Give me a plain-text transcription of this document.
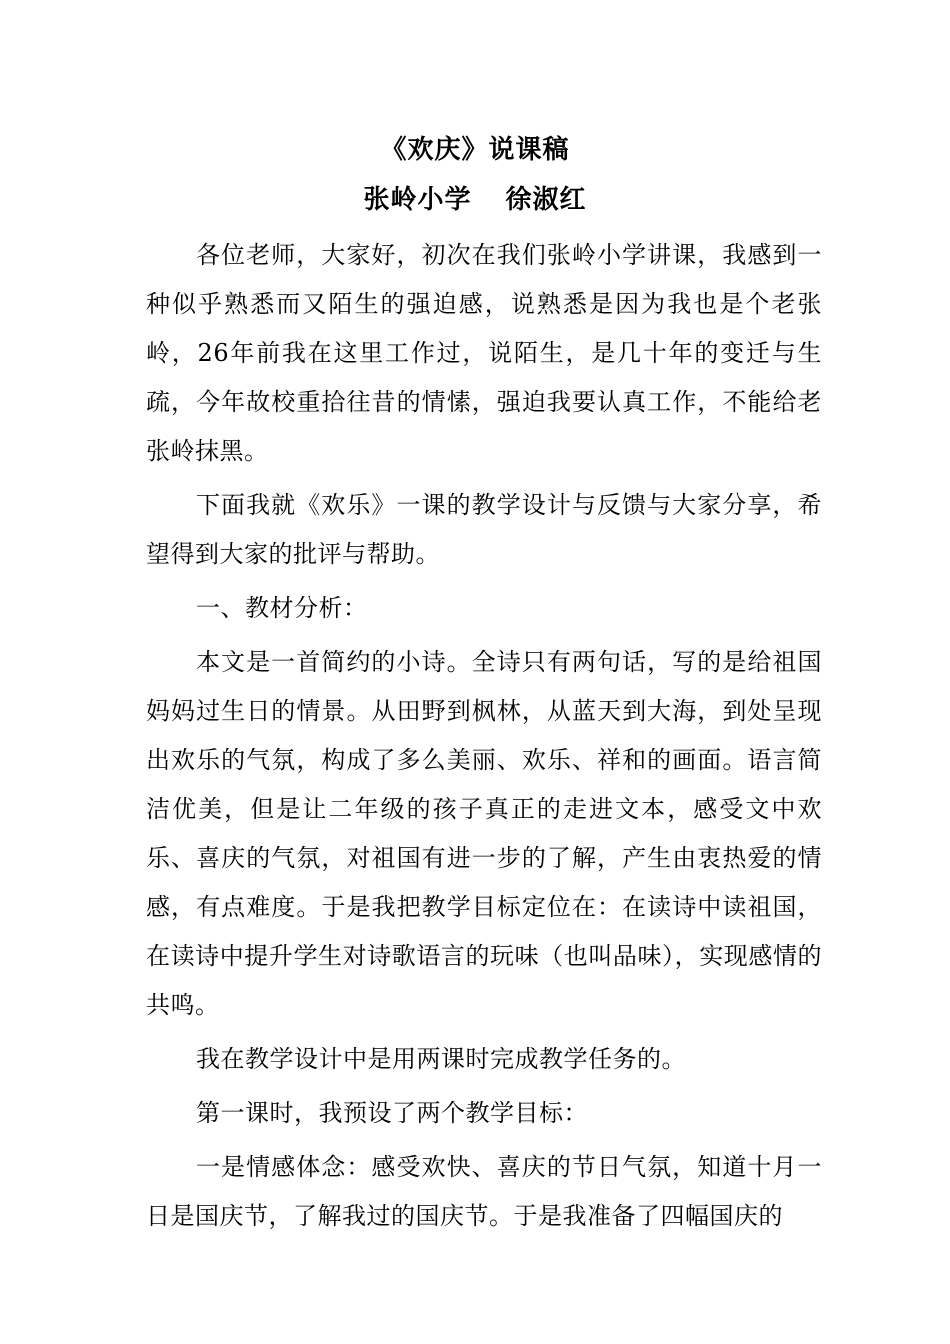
《欢庆》说课稿
张岭小学 徐淑红

各位老师，大家好，初次在我们张岭小学讲课，我感到一种似乎熟悉而又陌生的强迫感，说熟悉是因为我也是个老张岭，26年前我在这里工作过，说陌生，是几十年的变迁与生疏，今年故校重拾往昔的情愫，强迫我要认真工作，不能给老张岭抹黑。

下面我就《欢乐》一课的教学设计与反馈与大家分享，希望得到大家的批评与帮助。

一、教材分析：

本文是一首简约的小诗。全诗只有两句话，写的是给祖国妈妈过生日的情景。从田野到枫林，从蓝天到大海，到处呈现出欢乐的气氛，构成了多么美丽、欢乐、祥和的画面。语言简洁优美，但是让二年级的孩子真正的走进文本，感受文中欢乐、喜庆的气氛，对祖国有进一步的了解，产生由衷热爱的情感，有点难度。于是我把教学目标定位在：在读诗中读祖国，在读诗中提升学生对诗歌语言的玩味（也叫品味），实现感情的共鸣。

我在教学设计中是用两课时完成教学任务的。

第一课时，我预设了两个教学目标：

一是情感体念：感受欢快、喜庆的节日气氛，知道十月一日是国庆节，了解我过的国庆节。于是我准备了四幅国庆的
